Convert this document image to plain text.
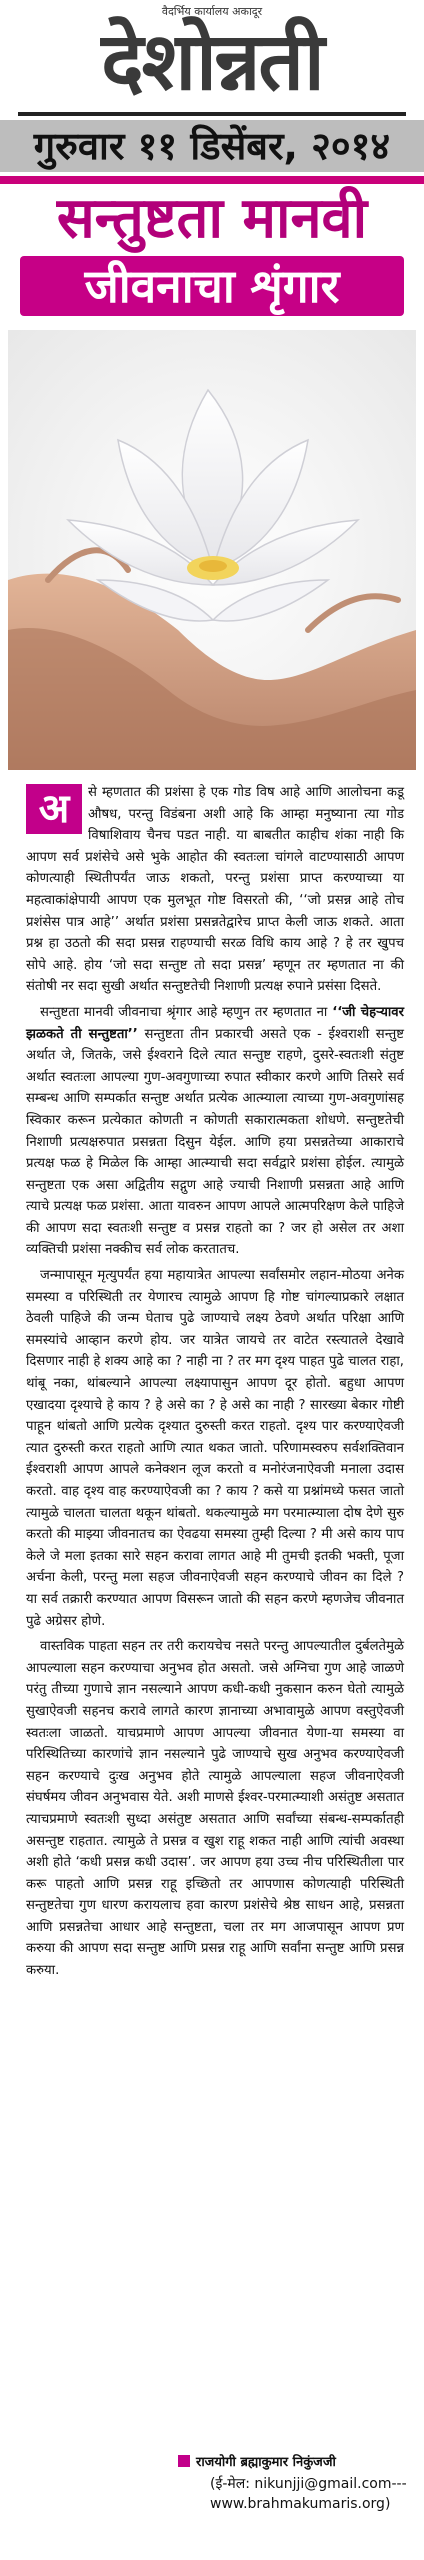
वैदर्भिय कार्यालय अकादूर
देशोन्नती
गुरुवार ११ डिसेंबर, २०१४
सन्तुष्टता मानवी
जीवनाचा शृंगार

अ	से म्हणतात की प्रशंसा हे एक गोड विष आहे आणि आलोचना कडू औषध, परन्तु विडंबना अशी आहे कि आम्हा मनुष्याना त्या गोड विषाशिवाय चैनच पडत नाही. या बाबतीत काहीच शंका नाही कि आपण सर्व प्रशंसेचे असे भुके आहोत की स्वतःला चांगले वाटण्यासाठी आपण कोणत्याही स्थितीपर्यंत जाऊ शकतो, परन्तु प्रशंसा प्राप्त करण्याच्या या महत्वाकांक्षेपायी आपण एक मुलभूत गोष्ट विसरतो की, ‘‘जो प्रसन्न आहे तोच प्रशंसेस पात्र आहे’’ अर्थात प्रशंसा प्रसन्नतेद्वारेच प्राप्त केली जाऊ शकते. आता प्रश्न हा उठतो की सदा प्रसन्न राहण्याची सरळ विधि काय आहे ? हे तर खुपच सोपे आहे. होय ‘जो सदा सन्तुष्ट तो सदा प्रसन्न’ म्हणून तर म्हणतात ना की संतोषी नर सदा सुखी अर्थात सन्तुष्टतेची निशाणी प्रत्यक्ष रुपाने प्रसंसा दिसते.

सन्तुष्टता मानवी जीवनाचा श्रृंगार आहे म्हणुन तर म्हणतात ना ‘‘जी चेहऱ्यावर झळकते ती सन्तुष्टता’’ सन्तुष्टता तीन प्रकारची असते एक - ईश्वराशी सन्तुष्ट अर्थात जे, जितके, जसे ईश्वराने दिले त्यात सन्तुष्ट राहणे, दुसरे-स्वतःशी संतुष्ट अर्थात स्वतःला आपल्या गुण-अवगुणाच्या रुपात स्वीकार करणे आणि तिसरे सर्व सम्बन्ध आणि सम्पर्कात सन्तुष्ट अर्थात प्रत्येक आत्म्याला त्याच्या गुण-अवगुणांसह स्विकार करून प्रत्येकात कोणती न कोणती सकारात्मकता शोधणे. सन्तुष्टतेची निशाणी प्रत्यक्षरुपात प्रसन्नता दिसुन येईल. आणि हया प्रसन्नतेच्या आकाराचे प्रत्यक्ष फळ हे मिळेल कि आम्हा आत्म्याची सदा सर्वद्वारे प्रशंसा होईल. त्यामुळे सन्तुष्टता एक असा अद्वितीय सद्गुण आहे ज्याची निशाणी प्रसन्नता आहे आणि त्याचे प्रत्यक्ष फळ प्रशंसा. आता यावरुन आपण आपले आत्मपरिक्षण केले पाहिजे की आपण सदा स्वतःशी सन्तुष्ट व प्रसन्न राहतो का ? जर हो असेल तर अशा व्यक्तिची प्रशंसा नक्कीच सर्व लोक करतातच.

जन्मापासून मृत्युपर्यंत हया महायात्रेत आपल्या सर्वांसमोर लहान-मोठया अनेक समस्या व परिस्थिती तर येणारच त्यामुळे आपण हि गोष्ट चांगल्याप्रकारे लक्षात ठेवली पाहिजे की जन्म घेताच पुढे जाण्याचे लक्ष्य ठेवणे अर्थात परिक्षा आणि समस्यांचे आव्हान करणे होय. जर यात्रेत जायचे तर वाटेत रस्त्यातले देखावे दिसणार नाही हे शक्य आहे का ? नाही ना ? तर मग दृश्य पाहत पुढे चालत राहा, थांबू नका, थांबल्याने आपल्या लक्ष्यापासुन आपण दूर होतो. बहुधा आपण एखादया दृश्याचे हे काय ? हे असे का ? हे असे का नाही ? सारख्या बेकार गोष्टी पाहून थांबतो आणि प्रत्येक दृश्यात दुरुस्ती करत राहतो. दृश्य पार करण्याऐवजी त्यात दुरुस्ती करत राहतो आणि त्यात थकत जातो. परिणामस्वरुप सर्वशक्तिवान ईश्वराशी आपण आपले कनेक्शन लूज करतो व मनोरंजनाऐवजी मनाला उदास करतो. वाह दृश्य वाह करण्याऐवजी का ? काय ? कसे या प्रश्नांमध्ये फसत जातो त्यामुळे चालता चालता थकून थांबतो. थकल्यामुळे मग परमात्म्याला दोष देणे सुरु करतो की माझ्या जीवनातच का ऐवढया समस्या तुम्ही दिल्या ? मी असे काय पाप केले जे मला इतका सारे सहन करावा लागत आहे मी तुमची इतकी भक्ती, पूजा अर्चना केली, परन्तु मला सहज जीवनाऐवजी सहन करण्याचे जीवन का दिले ? या सर्व तक्रारी करण्यात आपण विसरून जातो की सहन करणे म्हणजेच जीवनात पुढे अग्रेसर होणे.

वास्तविक पाहता सहन तर तरी करायचेच नसते परन्तु आपल्यातील दुर्बलतेमुळे आपल्याला सहन करण्याचा अनुभव होत असतो. जसे अग्निचा गुण आहे जाळणे परंतु तीच्या गुणाचे ज्ञान नसल्याने आपण कधी-कधी नुकसान करुन घेतो त्यामुळे सुखाऐवजी सहनच करावे लागते कारण ज्ञानाच्या अभावामुळे आपण वस्तुऐवजी स्वतःला जाळतो. याचप्रमाणे आपण आपल्या जीवनात येणा-या समस्या वा परिस्थितिच्या कारणांचे ज्ञान नसल्याने पुढे जाण्याचे सुख अनुभव करण्याऐवजी सहन करण्याचे दुःख अनुभव होते त्यामुळे आपल्याला सहज जीवनाऐवजी संघर्षमय जीवन अनुभवास येते. अशी माणसे ईश्वर-परमात्म्याशी असंतुष्ट असतात त्याचप्रमाणे स्वतःशी सुध्दा असंतुष्ट असतात आणि सर्वांच्या संबन्ध-सम्पर्कातही असन्तुष्ट राहतात. त्यामुळे ते प्रसन्न व खुश राहू शकत नाही आणि त्यांची अवस्था अशी होते ‘कधी प्रसन्न कधी उदास’. जर आपण हया उच्च नीच परिस्थितीला पार करू पाहतो आणि प्रसन्न राहू इच्छितो तर आपणास कोणत्याही परिस्थिती सन्तुष्टतेचा गुण धारण करायलाच हवा कारण प्रशंसेचे श्रेष्ठ साधन आहे, प्रसन्नता आणि प्रसन्नतेचा आधार आहे सन्तुष्टता, चला तर मग आजपासून आपण प्रण करुया की आपण सदा सन्तुष्ट आणि प्रसन्न राहू आणि सर्वांना सन्तुष्ट आणि प्रसन्न करुया.

राजयोगी ब्रह्माकुमार निकुंजजी
(ई-मेल: nikunjji@gmail.com---
www.brahmakumaris.org)
